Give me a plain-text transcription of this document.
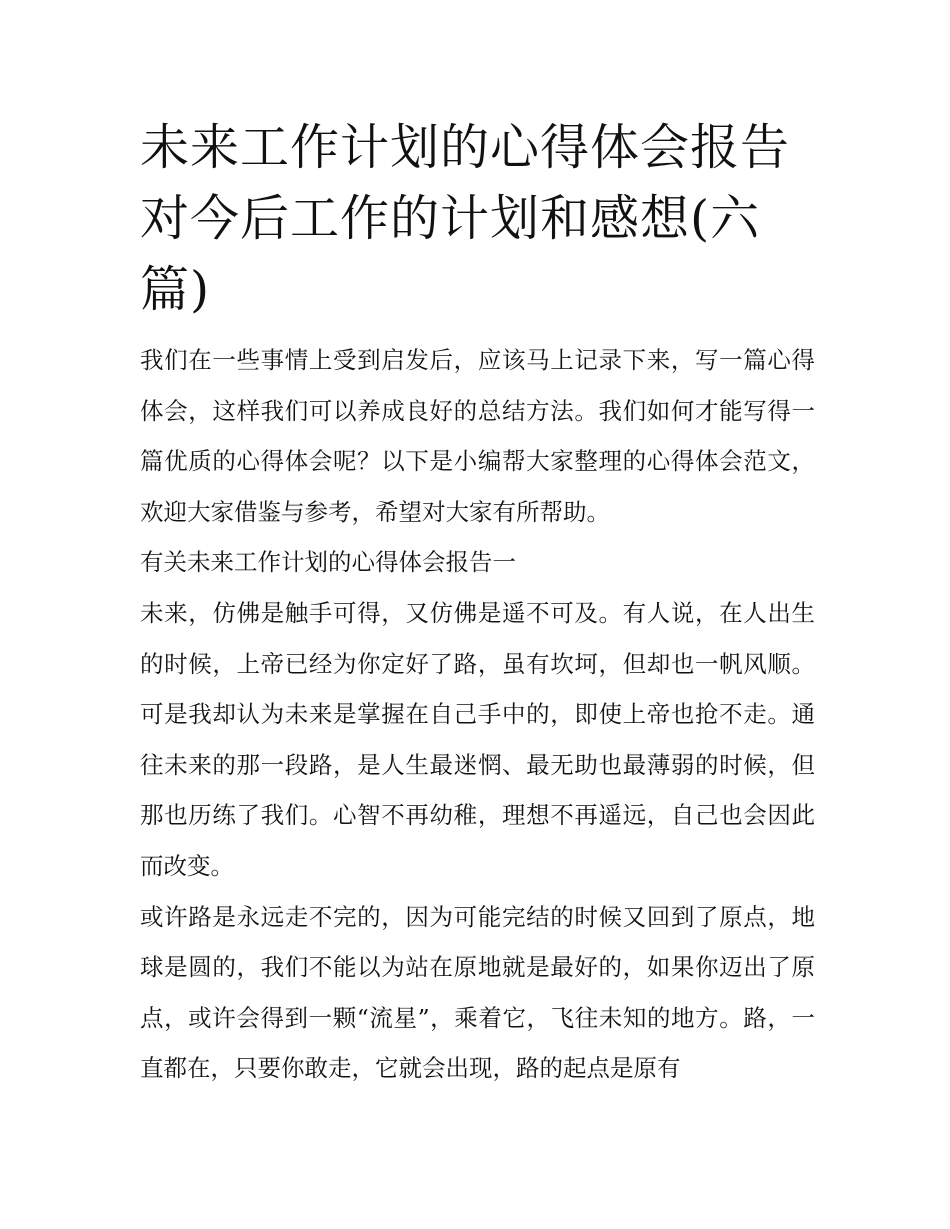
未来工作计划的心得体会报告对今后工作的计划和感想(六篇)

我们在一些事情上受到启发后，应该马上记录下来，写一篇心得体会，这样我们可以养成良好的总结方法。我们如何才能写得一篇优质的心得体会呢？以下是小编帮大家整理的心得体会范文，欢迎大家借鉴与参考，希望对大家有所帮助。

有关未来工作计划的心得体会报告一

未来，仿佛是触手可得，又仿佛是遥不可及。有人说，在人出生的时候，上帝已经为你定好了路，虽有坎坷，但却也一帆风顺。可是我却认为未来是掌握在自己手中的，即使上帝也抢不走。通往未来的那一段路，是人生最迷惘、最无助也最薄弱的时候，但那也历练了我们。心智不再幼稚，理想不再遥远，自己也会因此而改变。

或许路是永远走不完的，因为可能完结的时候又回到了原点，地球是圆的，我们不能以为站在原地就是最好的，如果你迈出了原点，或许会得到一颗“流星”，乘着它，飞往未知的地方。路，一直都在，只要你敢走，它就会出现，路的起点是原有
